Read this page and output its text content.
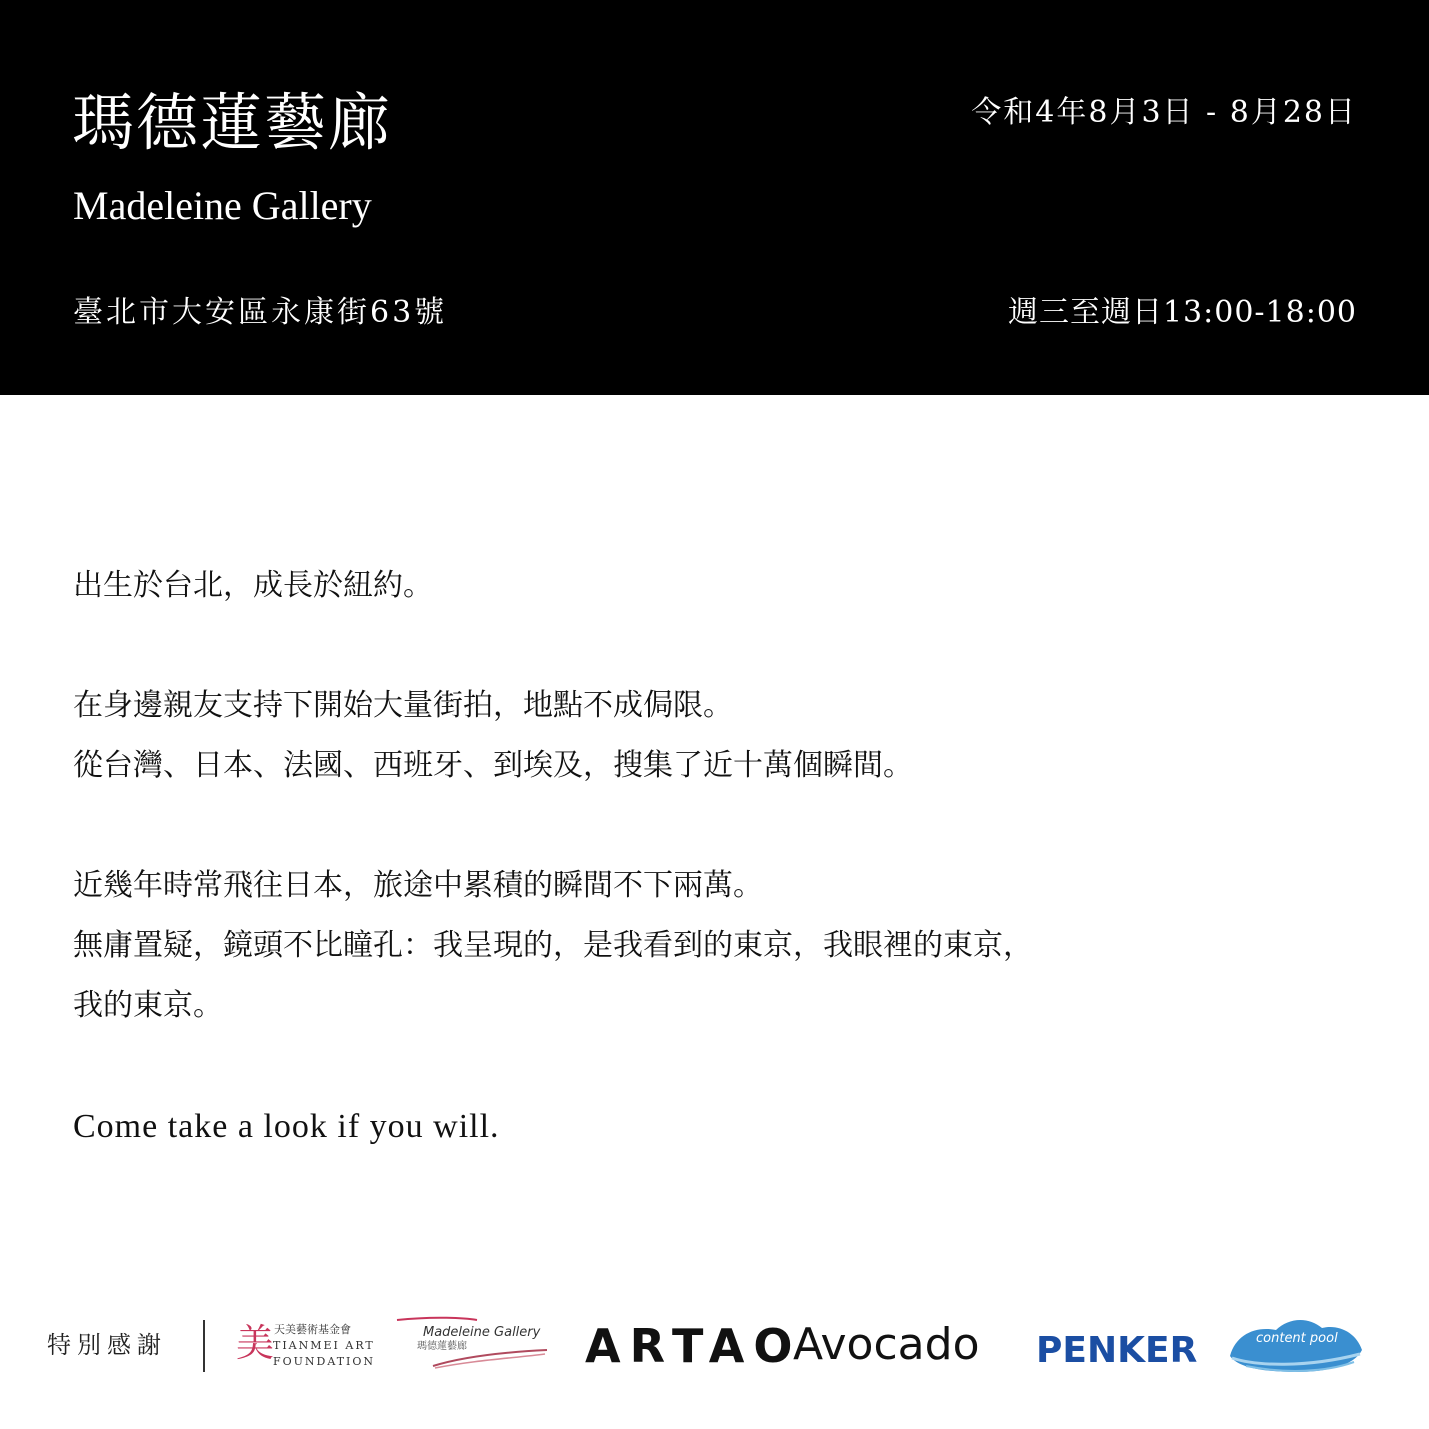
瑪德蓮藝廊
Madeleine Gallery
令和4年8月3日 - 8月28日
臺北市大安區永康街63號	週三至週日13:00-18:00
出生於台北，成長於紐約。
在身邊親友支持下開始大量街拍，地點不成侷限。
從台灣、日本、法國、西班牙、到埃及，搜集了近十萬個瞬間。
近幾年時常飛往日本，旅途中累積的瞬間不下兩萬。
無庸置疑，鏡頭不比瞳孔：我呈現的，是我看到的東京，我眼裡的東京，
我的東京。
Come take a look if you will.
特別感謝 美 天美藝術基金會
TIANMEI ART
FOUNDATION
Madeleine Gallery
瑪德蓮藝廊	ARTAO
Avocado PENKER	content pool
